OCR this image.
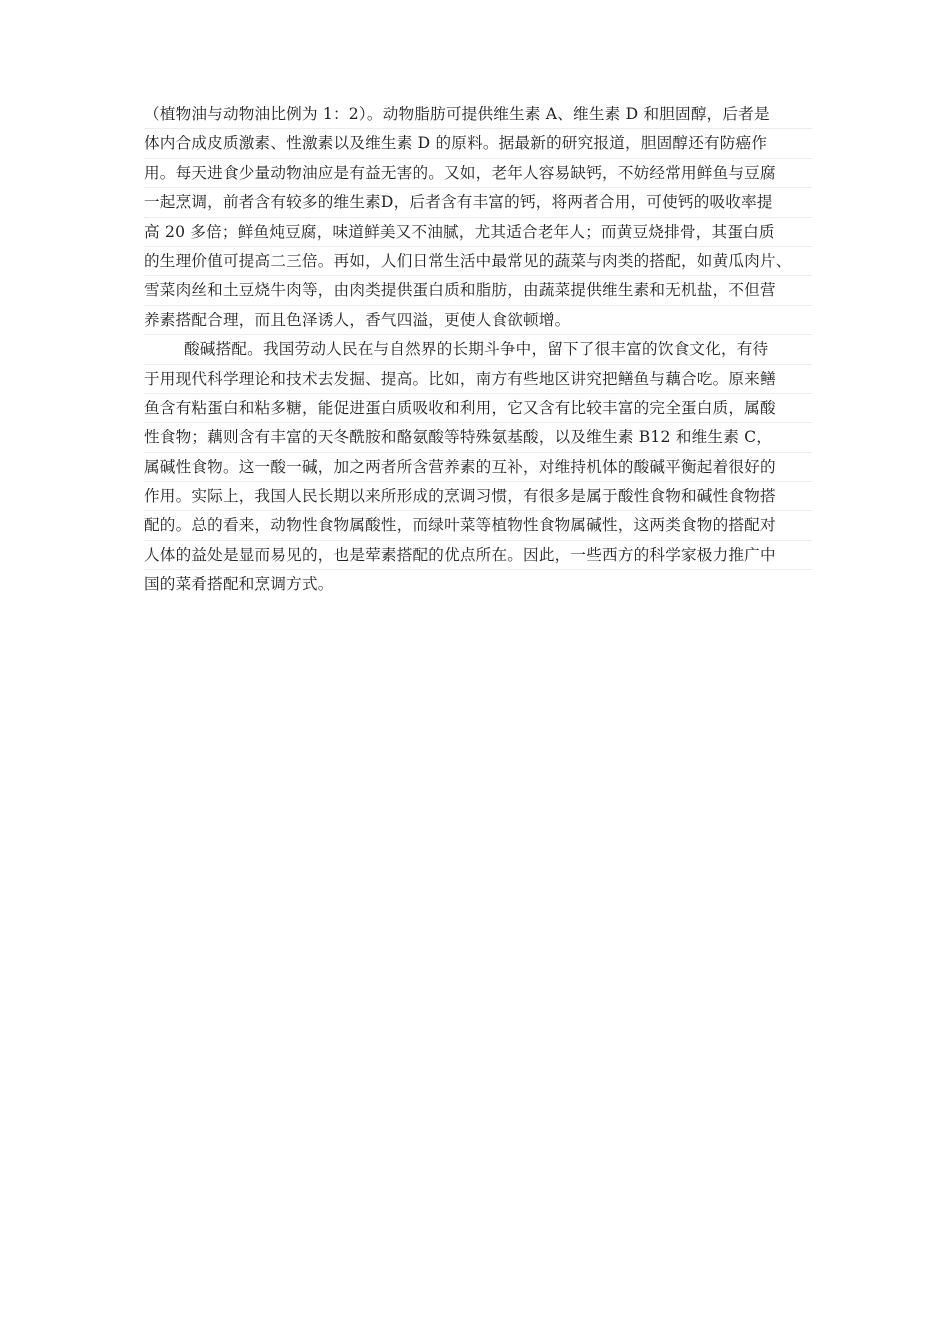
（植物油与动物油比例为 1：2）。动物脂肪可提供维生素 A、维生素 D 和胆固醇，后者是
体内合成皮质激素、性激素以及维生素 D 的原料。据最新的研究报道，胆固醇还有防癌作
用。每天进食少量动物油应是有益无害的。又如，老年人容易缺钙，不妨经常用鲜鱼与豆腐
一起烹调，前者含有较多的维生素D，后者含有丰富的钙，将两者合用，可使钙的吸收率提
高 20 多倍；鲜鱼炖豆腐，味道鲜美又不油腻，尤其适合老年人；而黄豆烧排骨，其蛋白质
的生理价值可提高二三倍。再如，人们日常生活中最常见的蔬菜与肉类的搭配，如黄瓜肉片、
雪菜肉丝和土豆烧牛肉等，由肉类提供蛋白质和脂肪，由蔬菜提供维生素和无机盐，不但营
养素搭配合理，而且色泽诱人，香气四溢，更使人食欲顿增。
酸碱搭配。我国劳动人民在与自然界的长期斗争中，留下了很丰富的饮食文化，有待
于用现代科学理论和技术去发掘、提高。比如，南方有些地区讲究把鳝鱼与藕合吃。原来鳝
鱼含有粘蛋白和粘多糖，能促进蛋白质吸收和利用，它又含有比较丰富的完全蛋白质，属酸
性食物；藕则含有丰富的天冬酰胺和酪氨酸等特殊氨基酸，以及维生素 B12 和维生素 C，
属碱性食物。这一酸一碱，加之两者所含营养素的互补，对维持机体的酸碱平衡起着很好的
作用。实际上，我国人民长期以来所形成的烹调习惯，有很多是属于酸性食物和碱性食物搭
配的。总的看来，动物性食物属酸性，而绿叶菜等植物性食物属碱性，这两类食物的搭配对
人体的益处是显而易见的，也是荤素搭配的优点所在。因此，一些西方的科学家极力推广中
国的菜肴搭配和烹调方式。
